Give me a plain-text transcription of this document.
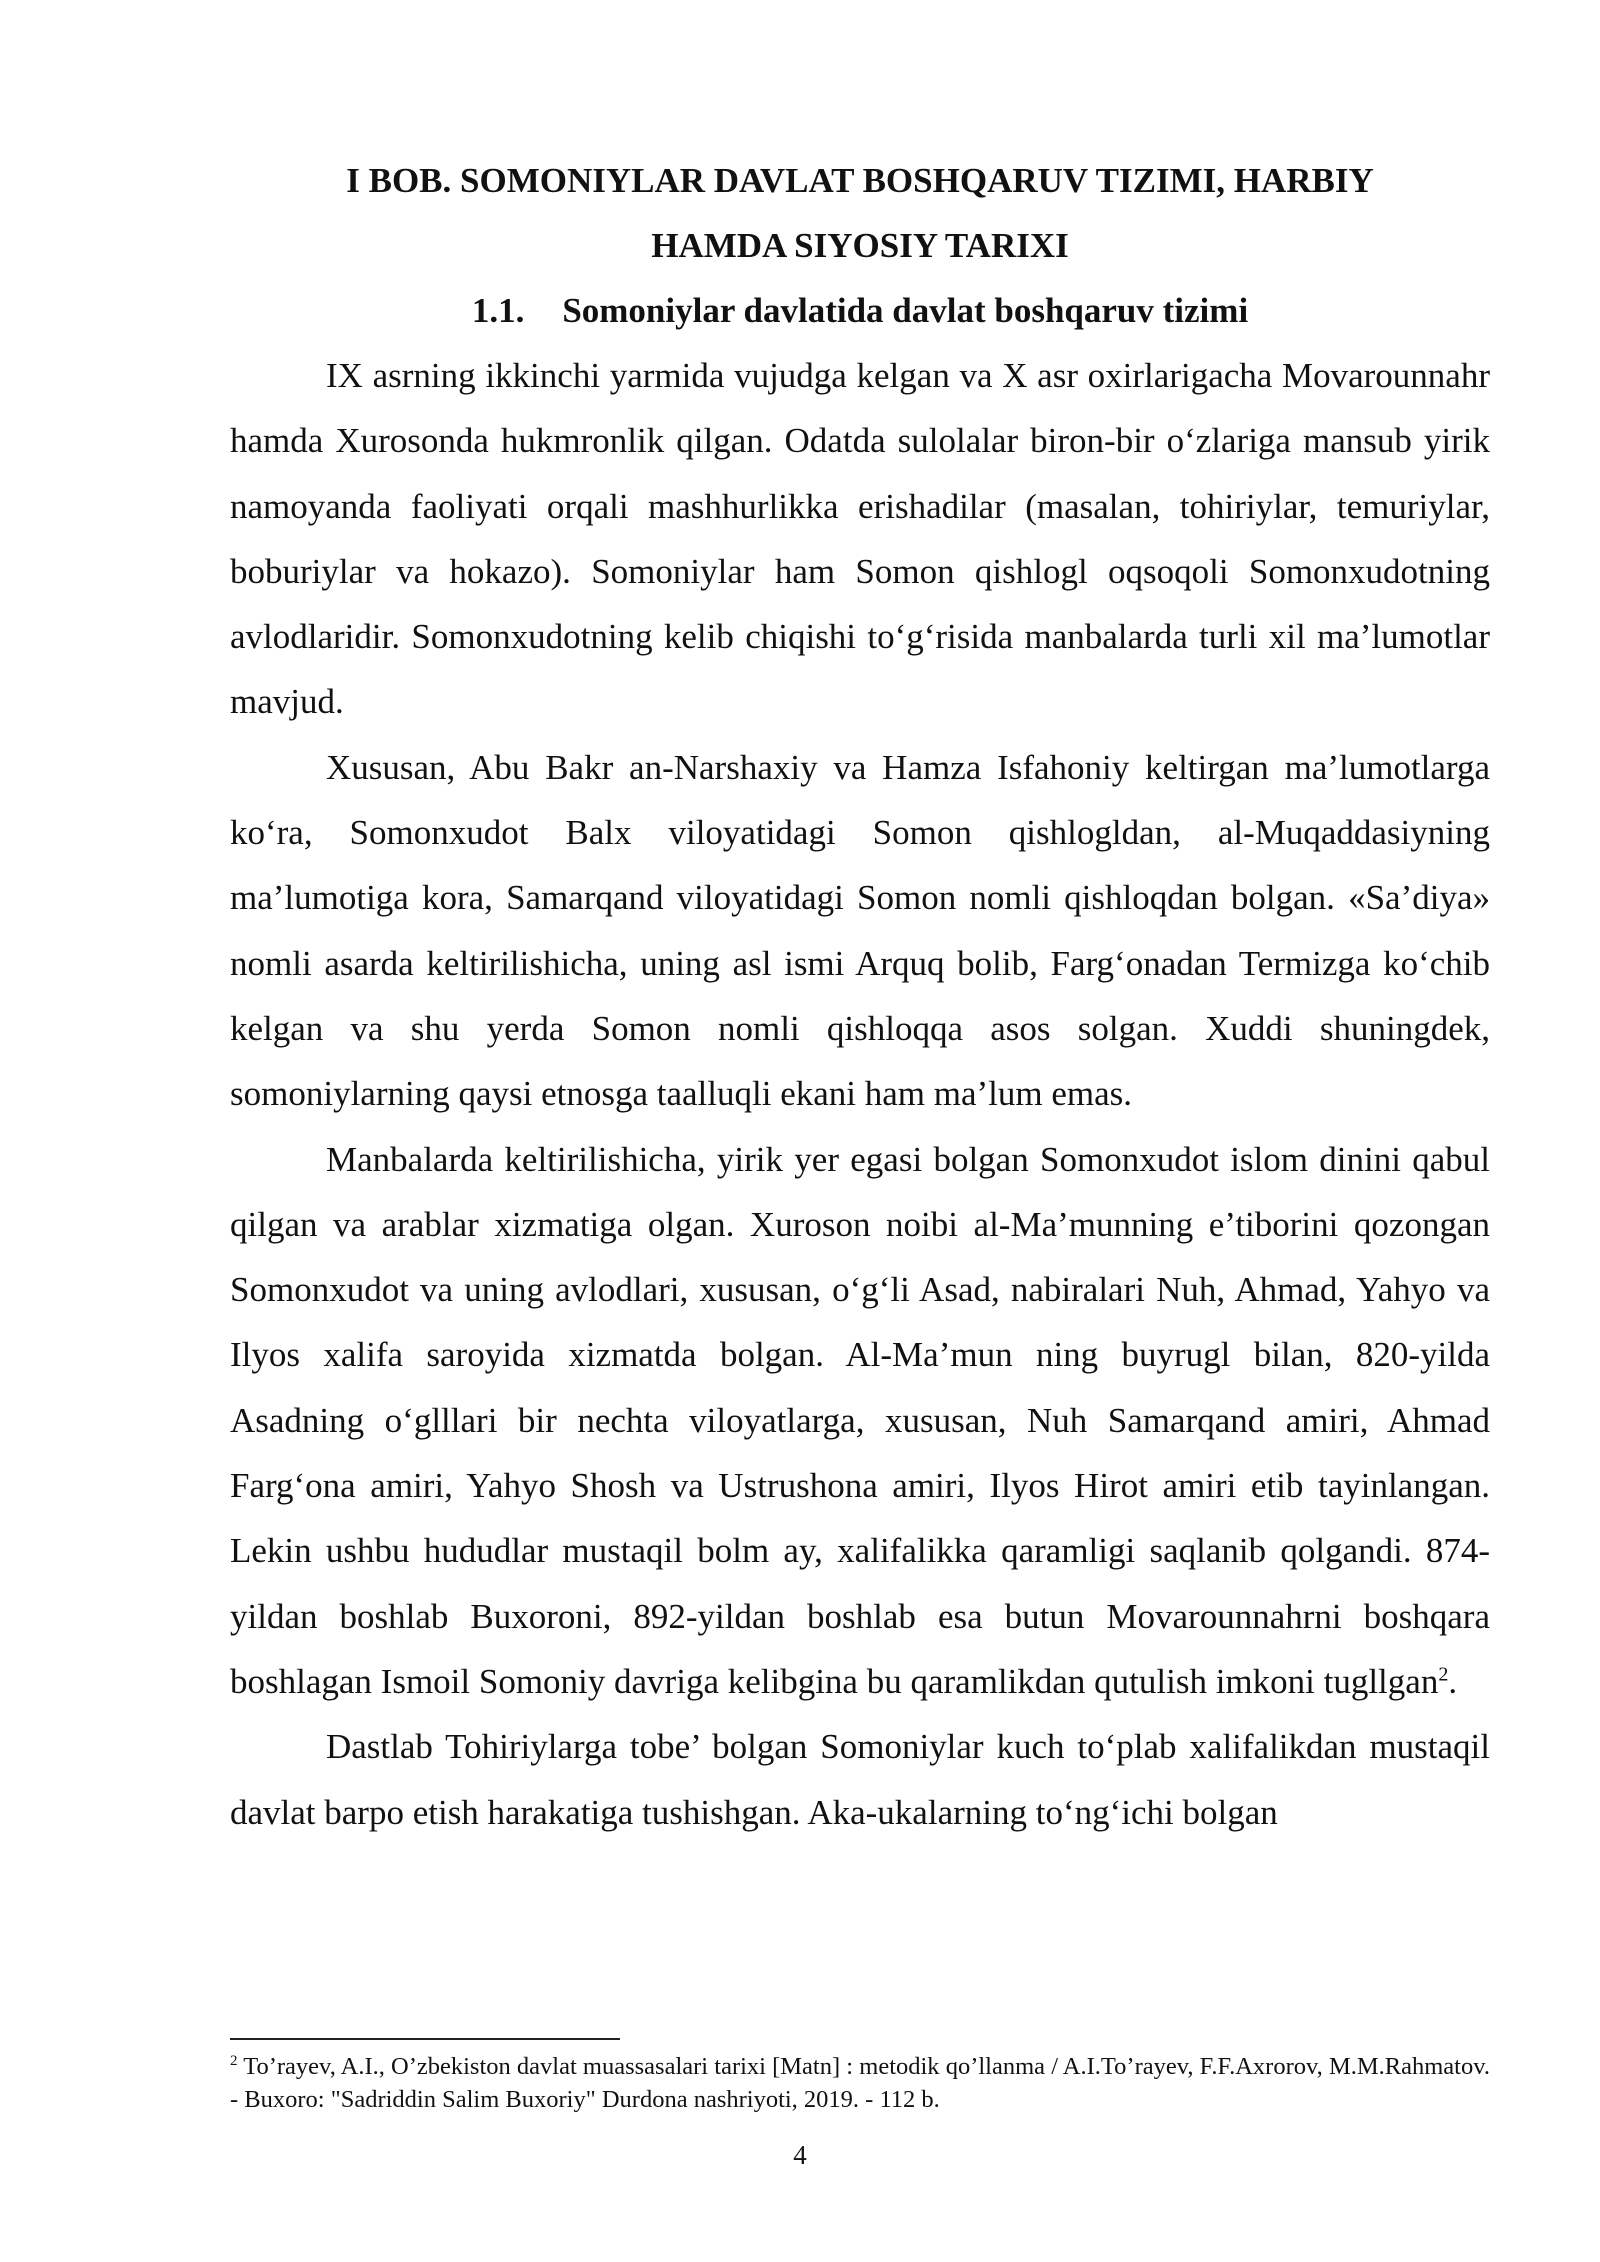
I BOB. SOMONIYLAR DAVLAT BOSHQARUV TIZIMI, HARBIY
HAMDA SIYOSIY TARIXI

1.1. Somoniylar davlatida davlat boshqaruv tizimi

IX asrning ikkinchi yarmida vujudga kelgan va X asr oxirlarigacha Movarounnahr hamda Xurosonda hukmronlik qilgan. Odatda sulolalar biron-bir o‘zlariga mansub yirik namoyanda faoliyati orqali mashhurlikka erishadilar (masalan, tohiriylar, temuriylar, boburiylar va hokazo). Somoniylar ham Somon qishlogl oqsoqoli Somonxudotning avlodlaridir. Somonxudotning kelib chiqishi to‘g‘risida manbalarda turli xil ma’lumotlar mavjud.

Xususan, Abu Bakr an-Narshaxiy va Hamza Isfahoniy keltirgan ma’lumotlarga ko‘ra, Somonxudot Balx viloyatidagi Somon qishlogldan, al-Muqaddasiyning ma’lumotiga kora, Samarqand viloyatidagi Somon nomli qishloqdan bolgan. «Sa’diya» nomli asarda keltirilishicha, uning asl ismi Arquq bolib, Farg‘onadan Termizga ko‘chib kelgan va shu yerda Somon nomli qishloqqa asos solgan. Xuddi shuningdek, somoniylarning qaysi etnosga taalluqli ekani ham ma’lum emas.

Manbalarda keltirilishicha, yirik yer egasi bolgan Somonxudot islom dinini qabul qilgan va arablar xizmatiga olgan. Xuroson noibi al-Ma’munning e’tiborini qozongan Somonxudot va uning avlodlari, xususan, o‘g‘li Asad, nabiralari Nuh, Ahmad, Yahyo va Ilyos xalifa saroyida xizmatda bolgan. Al-Ma’mun ning buyrugl bilan, 820-yilda Asadning o‘glllari bir nechta viloyatlarga, xususan, Nuh Samarqand amiri, Ahmad Farg‘ona amiri, Yahyo Shosh va Ustrushona amiri, Ilyos Hirot amiri etib tayinlangan. Lekin ushbu hududlar mustaqil bolm ay, xalifalikka qaramligi saqlanib qolgandi. 874-yildan boshlab Buxoroni, 892-yildan boshlab esa butun Movarounnahrni boshqara boshlagan Ismoil Somoniy davriga kelibgina bu qaramlikdan qutulish imkoni tugllgan$^2$.

Dastlab Tohiriylarga tobe’ bolgan Somoniylar kuch to‘plab xalifalikdan mustaqil davlat barpo etish harakatiga tushishgan. Aka-ukalarning to‘ng‘ichi bolgan

$^2$ To’rayev, A.I., O’zbekiston davlat muassasalari tarixi [Matn] : metodik qo’llanma / A.I.To’rayev, F.F.Axrorov, M.M.Rahmatov. - Buxoro: "Sadriddin Salim Buxoriy" Durdona nashriyoti, 2019. - 112 b.

4
